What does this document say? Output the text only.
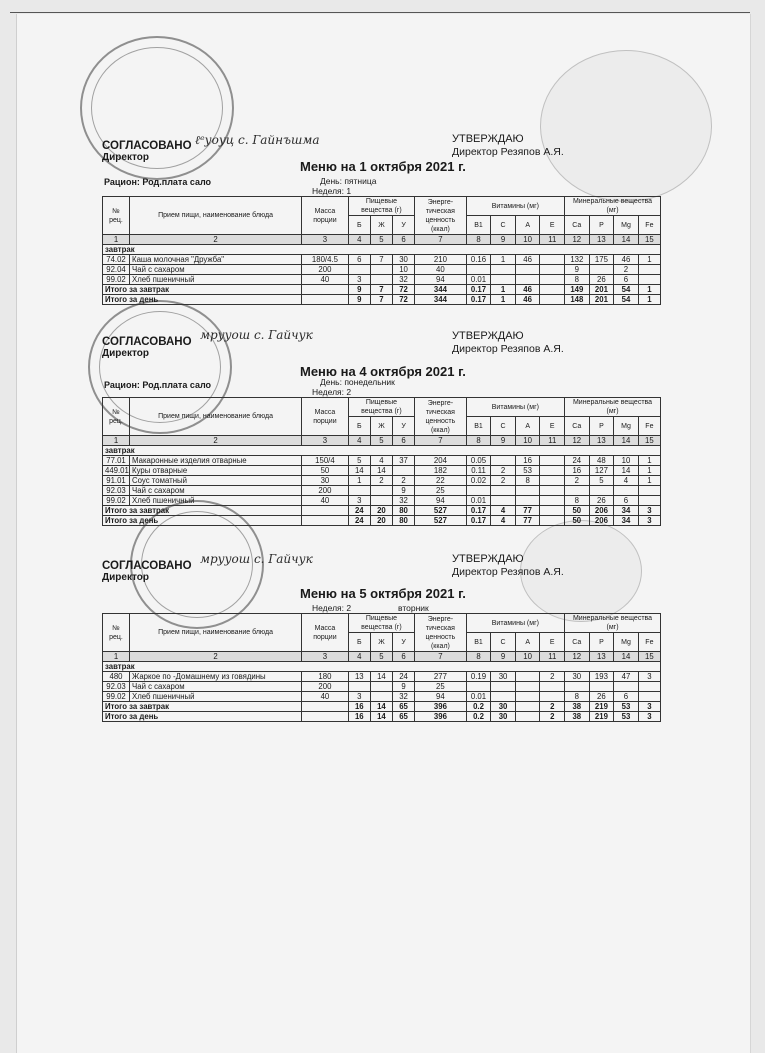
СОГЛАСОВАНО ℓᵉуоуц c. Гайнъшма
Директор
УТВЕРЖДАЮ
Директор Резяпов А.Я.
Меню на 1 октября 2021 г.
Рацион: Род.плата сало	День: пятница
Неделя: 1
№ рец.	Прием пищи, наименование блюда	Масса порции	Пищевые вещества (г)			Энерге-тическая ценность (ккал)	Витамины (мг)				Минеральные вещества (мг)			
			Б	Ж	У		В1	С	А	Е	Са	Р	Mg	Fe
1	2	3	4	5	6	7	8	9	10	11	12	13	14	15
завтрак														
74.02	Каша молочная "Дружба"	180/4.5	6	7	30	210	0.16	1	46		132	175	46	1
92.04	Чай с сахаром	200			10	40					9		2	
99.02	Хлеб пшеничный	40	3		32	94	0.01				8	26	6	
Итого за завтрак			9	7	72	344	0.17	1	46		149	201	54	1
Итого за день			9	7	72	344	0.17	1	46		148	201	54	1
СОГЛАСОВАНО мрууош c. Гайчук
Директор
УТВЕРЖДАЮ
Директор Резяпов А.Я.
Меню на 4 октября 2021 г.
Рацион: Род.плата сало	День: понедельник
Неделя: 2
№ рец.	Прием пищи, наименование блюда	Масса порции	Пищевые вещества (г)			Энерге-тическая ценность (ккал)	Витамины (мг)				Минеральные вещества (мг)			
			Б	Ж	У		В1	С	А	Е	Са	Р	Mg	Fe
1	2	3	4	5	6	7	8	9	10	11	12	13	14	15
завтрак														
77.01	Макаронные изделия отварные	150/4	5	4	37	204	0.05		16		24	48	10	1
449.01	Куры отварные	50	14	14		182	0.11	2	53		16	127	14	1
91.01	Соус томатный	30	1	2	2	22	0.02	2	8		2	5	4	1
92.03	Чай с сахаром	200			9	25								
99.02	Хлеб пшеничный	40	3		32	94	0.01				8	26	6	
Итого за завтрак			24	20	80	527	0.17	4	77		50	206	34	3
Итого за день			24	20	80	527	0.17	4	77		50	206	34	3
СОГЛАСОВАНО мрууош c. Гайчук
Директор
УТВЕРЖДАЮ
Директор Резяпов А.Я.
Меню на 5 октября 2021 г.
Неделя: 2	вторник
№ рец.	Прием пищи, наименование блюда	Масса порции	Пищевые вещества (г)			Энерге-тическая ценность (ккал)	Витамины (мг)				Минеральные вещества (мг)			
			Б	Ж	У		В1	С	А	Е	Са	Р	Mg	Fe
1	2	3	4	5	6	7	8	9	10	11	12	13	14	15
завтрак														
480	Жаркое по -Домашнему из говядины	180	13	14	24	277	0.19	30		2	30	193	47	3
92.03	Чай с сахаром	200			9	25								
99.02	Хлеб пшеничный	40	3		32	94	0.01				8	26	6	
Итого за завтрак			16	14	65	396	0.2	30		2	38	219	53	3
Итого за день			16	14	65	396	0.2	30		2	38	219	53	3
